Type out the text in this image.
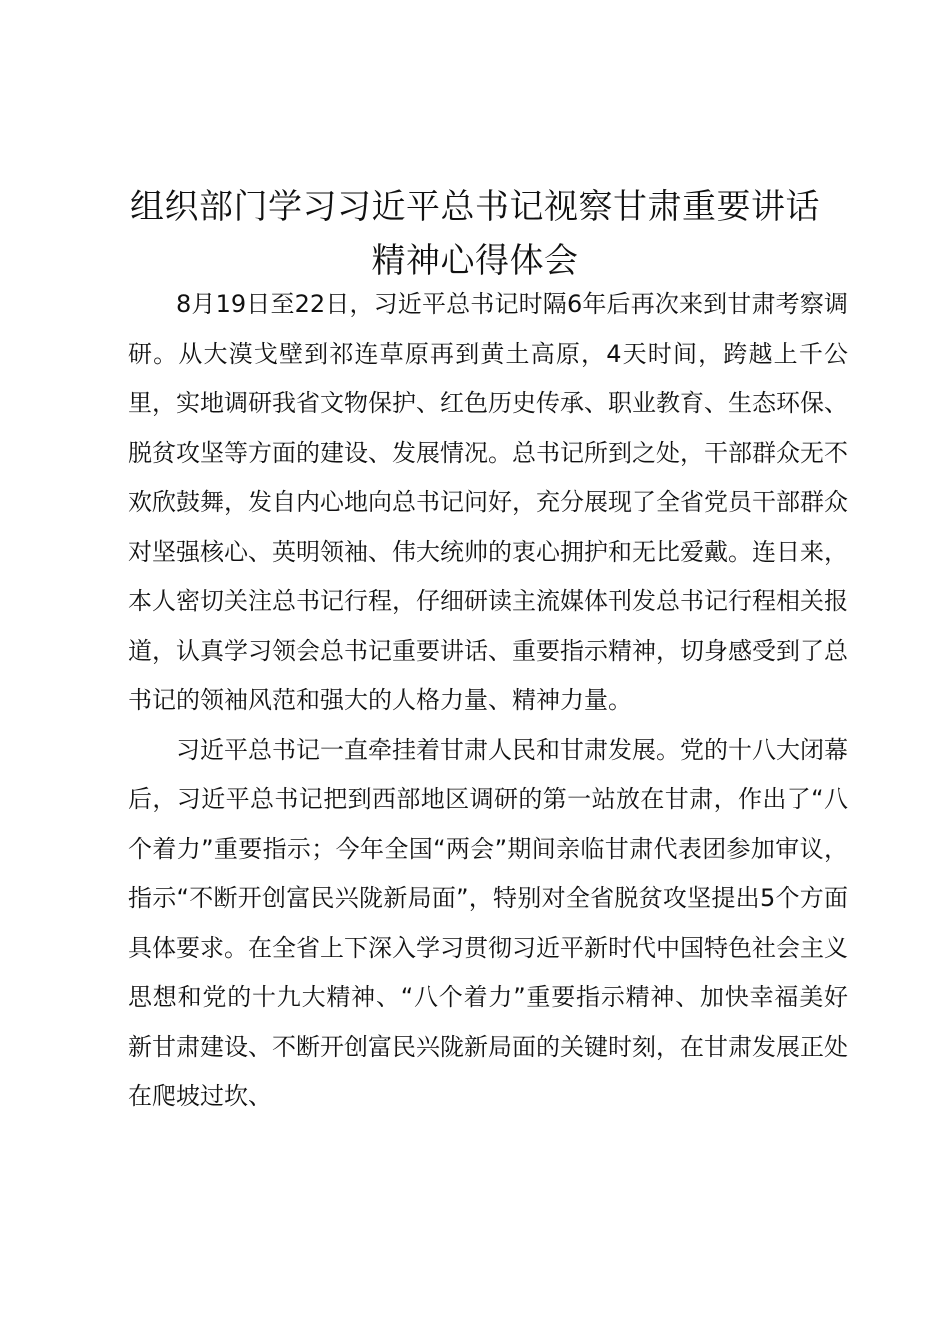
组织部门学习习近平总书记视察甘肃重要讲话
精神心得体会

8月19日至22日，习近平总书记时隔6年后再次来到甘肃考察调研。从大漠戈壁到祁连草原再到黄土高原，4天时间，跨越上千公里，实地调研我省文物保护、红色历史传承、职业教育、生态环保、脱贫攻坚等方面的建设、发展情况。总书记所到之处，干部群众无不欢欣鼓舞，发自内心地向总书记问好，充分展现了全省党员干部群众对坚强核心、英明领袖、伟大统帅的衷心拥护和无比爱戴。连日来，本人密切关注总书记行程，仔细研读主流媒体刊发总书记行程相关报道，认真学习领会总书记重要讲话、重要指示精神，切身感受到了总书记的领袖风范和强大的人格力量、精神力量。

习近平总书记一直牵挂着甘肃人民和甘肃发展。党的十八大闭幕后，习近平总书记把到西部地区调研的第一站放在甘肃，作出了“八个着力”重要指示；今年全国“两会”期间亲临甘肃代表团参加审议，指示“不断开创富民兴陇新局面”，特别对全省脱贫攻坚提出5个方面具体要求。在全省上下深入学习贯彻习近平新时代中国特色社会主义思想和党的十九大精神、“八个着力”重要指示精神、加快幸福美好新甘肃建设、不断开创富民兴陇新局面的关键时刻，在甘肃发展正处在爬坡过坎、
